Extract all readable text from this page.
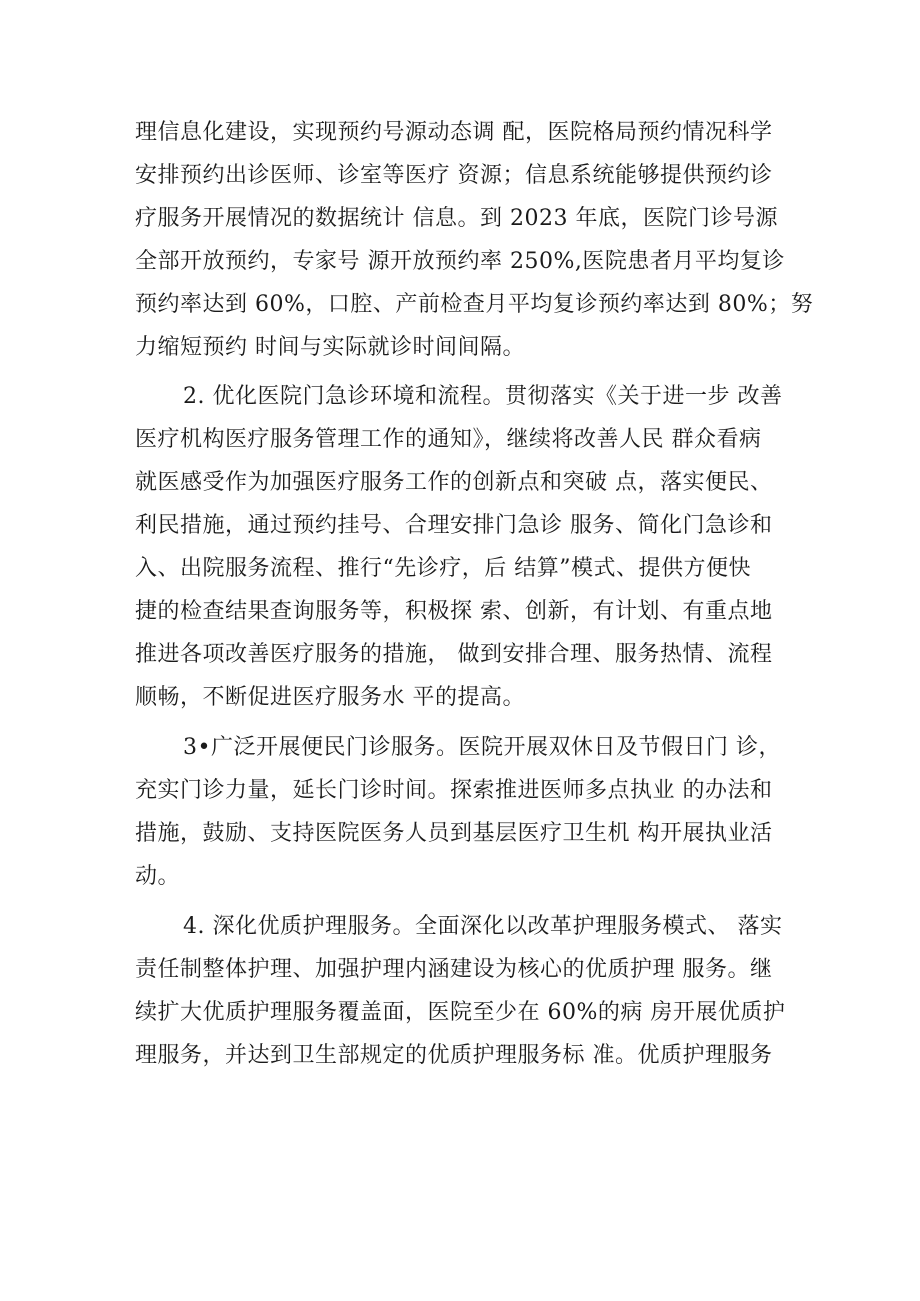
理信息化建设，实现预约号源动态调 配，医院格局预约情况科学
安排预约出诊医师、诊室等医疗 资源；信息系统能够提供预约诊
疗服务开展情况的数据统计 信息。到 2023 年底，医院门诊号源
全部开放预约，专家号 源开放预约率 250%,医院患者月平均复诊
预约率达到 60%，口腔、产前检查月平均复诊预约率达到 80%；努
力缩短预约 时间与实际就诊时间间隔。
2. 优化医院门急诊环境和流程。贯彻落实《关于进一步 改善
医疗机构医疗服务管理工作的通知》，继续将改善人民 群众看病
就医感受作为加强医疗服务工作的创新点和突破 点，落实便民、
利民措施，通过预约挂号、合理安排门急诊 服务、简化门急诊和
入、出院服务流程、推行“先诊疗，后 结算”模式、提供方便快
捷的检查结果查询服务等，积极探 索、创新，有计划、有重点地
推进各项改善医疗服务的措施， 做到安排合理、服务热情、流程
顺畅，不断促进医疗服务水 平的提高。
3•广泛开展便民门诊服务。医院开展双休日及节假日门 诊，
充实门诊力量，延长门诊时间。探索推进医师多点执业 的办法和
措施，鼓励、支持医院医务人员到基层医疗卫生机 构开展执业活
动。
4. 深化优质护理服务。全面深化以改革护理服务模式、 落实
责任制整体护理、加强护理内涵建设为核心的优质护理 服务。继
续扩大优质护理服务覆盖面，医院至少在 60%的病 房开展优质护
理服务，并达到卫生部规定的优质护理服务标 准。优质护理服务
